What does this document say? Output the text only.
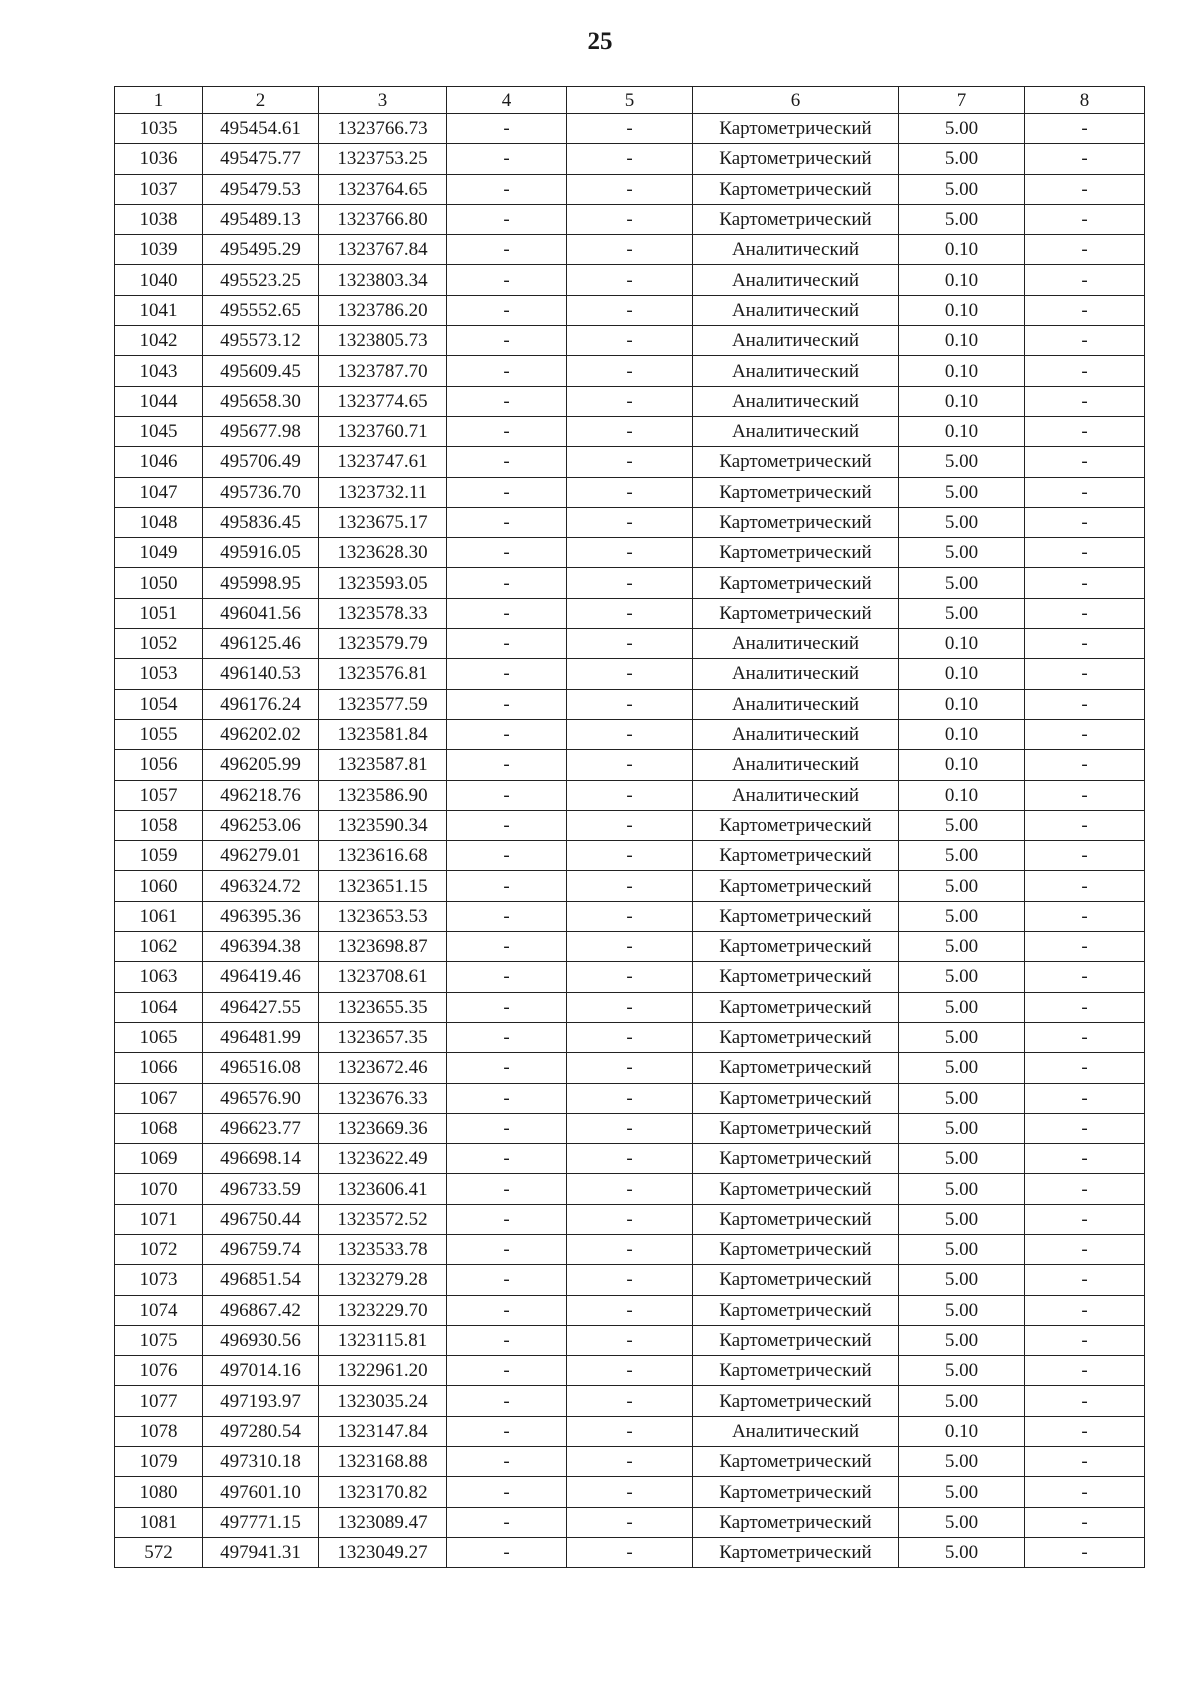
25
1	2	3	4	5	6	7	8
1035	495454.61	1323766.73	-	-	Картометрический	5.00	-
1036	495475.77	1323753.25	-	-	Картометрический	5.00	-
1037	495479.53	1323764.65	-	-	Картометрический	5.00	-
1038	495489.13	1323766.80	-	-	Картометрический	5.00	-
1039	495495.29	1323767.84	-	-	Аналитический	0.10	-
1040	495523.25	1323803.34	-	-	Аналитический	0.10	-
1041	495552.65	1323786.20	-	-	Аналитический	0.10	-
1042	495573.12	1323805.73	-	-	Аналитический	0.10	-
1043	495609.45	1323787.70	-	-	Аналитический	0.10	-
1044	495658.30	1323774.65	-	-	Аналитический	0.10	-
1045	495677.98	1323760.71	-	-	Аналитический	0.10	-
1046	495706.49	1323747.61	-	-	Картометрический	5.00	-
1047	495736.70	1323732.11	-	-	Картометрический	5.00	-
1048	495836.45	1323675.17	-	-	Картометрический	5.00	-
1049	495916.05	1323628.30	-	-	Картометрический	5.00	-
1050	495998.95	1323593.05	-	-	Картометрический	5.00	-
1051	496041.56	1323578.33	-	-	Картометрический	5.00	-
1052	496125.46	1323579.79	-	-	Аналитический	0.10	-
1053	496140.53	1323576.81	-	-	Аналитический	0.10	-
1054	496176.24	1323577.59	-	-	Аналитический	0.10	-
1055	496202.02	1323581.84	-	-	Аналитический	0.10	-
1056	496205.99	1323587.81	-	-	Аналитический	0.10	-
1057	496218.76	1323586.90	-	-	Аналитический	0.10	-
1058	496253.06	1323590.34	-	-	Картометрический	5.00	-
1059	496279.01	1323616.68	-	-	Картометрический	5.00	-
1060	496324.72	1323651.15	-	-	Картометрический	5.00	-
1061	496395.36	1323653.53	-	-	Картометрический	5.00	-
1062	496394.38	1323698.87	-	-	Картометрический	5.00	-
1063	496419.46	1323708.61	-	-	Картометрический	5.00	-
1064	496427.55	1323655.35	-	-	Картометрический	5.00	-
1065	496481.99	1323657.35	-	-	Картометрический	5.00	-
1066	496516.08	1323672.46	-	-	Картометрический	5.00	-
1067	496576.90	1323676.33	-	-	Картометрический	5.00	-
1068	496623.77	1323669.36	-	-	Картометрический	5.00	-
1069	496698.14	1323622.49	-	-	Картометрический	5.00	-
1070	496733.59	1323606.41	-	-	Картометрический	5.00	-
1071	496750.44	1323572.52	-	-	Картометрический	5.00	-
1072	496759.74	1323533.78	-	-	Картометрический	5.00	-
1073	496851.54	1323279.28	-	-	Картометрический	5.00	-
1074	496867.42	1323229.70	-	-	Картометрический	5.00	-
1075	496930.56	1323115.81	-	-	Картометрический	5.00	-
1076	497014.16	1322961.20	-	-	Картометрический	5.00	-
1077	497193.97	1323035.24	-	-	Картометрический	5.00	-
1078	497280.54	1323147.84	-	-	Аналитический	0.10	-
1079	497310.18	1323168.88	-	-	Картометрический	5.00	-
1080	497601.10	1323170.82	-	-	Картометрический	5.00	-
1081	497771.15	1323089.47	-	-	Картометрический	5.00	-
572	497941.31	1323049.27	-	-	Картометрический	5.00	-
